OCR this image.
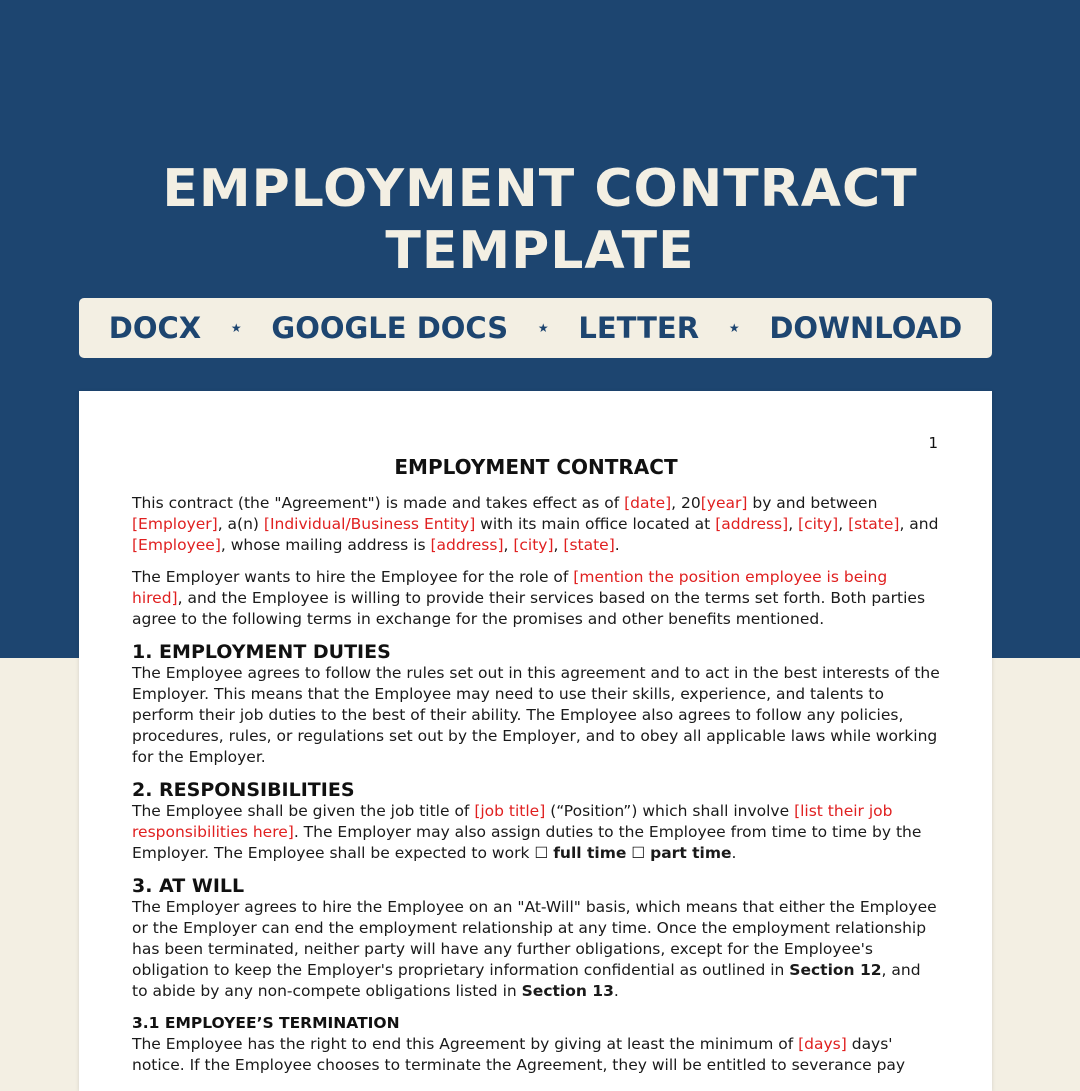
EMPLOYMENT CONTRACT
TEMPLATE
DOCX ★ GOOGLE DOCS ★ LETTER ★ DOWNLOAD
1
EMPLOYMENT CONTRACT

This contract (the "Agreement") is made and takes effect as of [date], 20[year] by and between [Employer], a(n) [Individual/Business Entity] with its main office located at [address], [city], [state], and [Employee], whose mailing address is [address], [city], [state].

The Employer wants to hire the Employee for the role of [mention the position employee is being hired], and the Employee is willing to provide their services based on the terms set forth. Both parties agree to the following terms in exchange for the promises and other benefits mentioned.

1. EMPLOYMENT DUTIES

The Employee agrees to follow the rules set out in this agreement and to act in the best interests of the Employer. This means that the Employee may need to use their skills, experience, and talents to perform their job duties to the best of their ability. The Employee also agrees to follow any policies, procedures, rules, or regulations set out by the Employer, and to obey all applicable laws while working for the Employer.

2. RESPONSIBILITIES

The Employee shall be given the job title of [job title] (“Position”) which shall involve [list their job responsibilities here]. The Employer may also assign duties to the Employee from time to time by the Employer. The Employee shall be expected to work ☐ full time ☐ part time.

3. AT WILL

The Employer agrees to hire the Employee on an "At-Will" basis, which means that either the Employee or the Employer can end the employment relationship at any time. Once the employment relationship has been terminated, neither party will have any further obligations, except for the Employee's obligation to keep the Employer's proprietary information confidential as outlined in Section 12, and to abide by any non-compete obligations listed in Section 13.

3.1 EMPLOYEE’S TERMINATION

The Employee has the right to end this Agreement by giving at least the minimum of [days] days' notice. If the Employee chooses to terminate the Agreement, they will be entitled to severance pay
